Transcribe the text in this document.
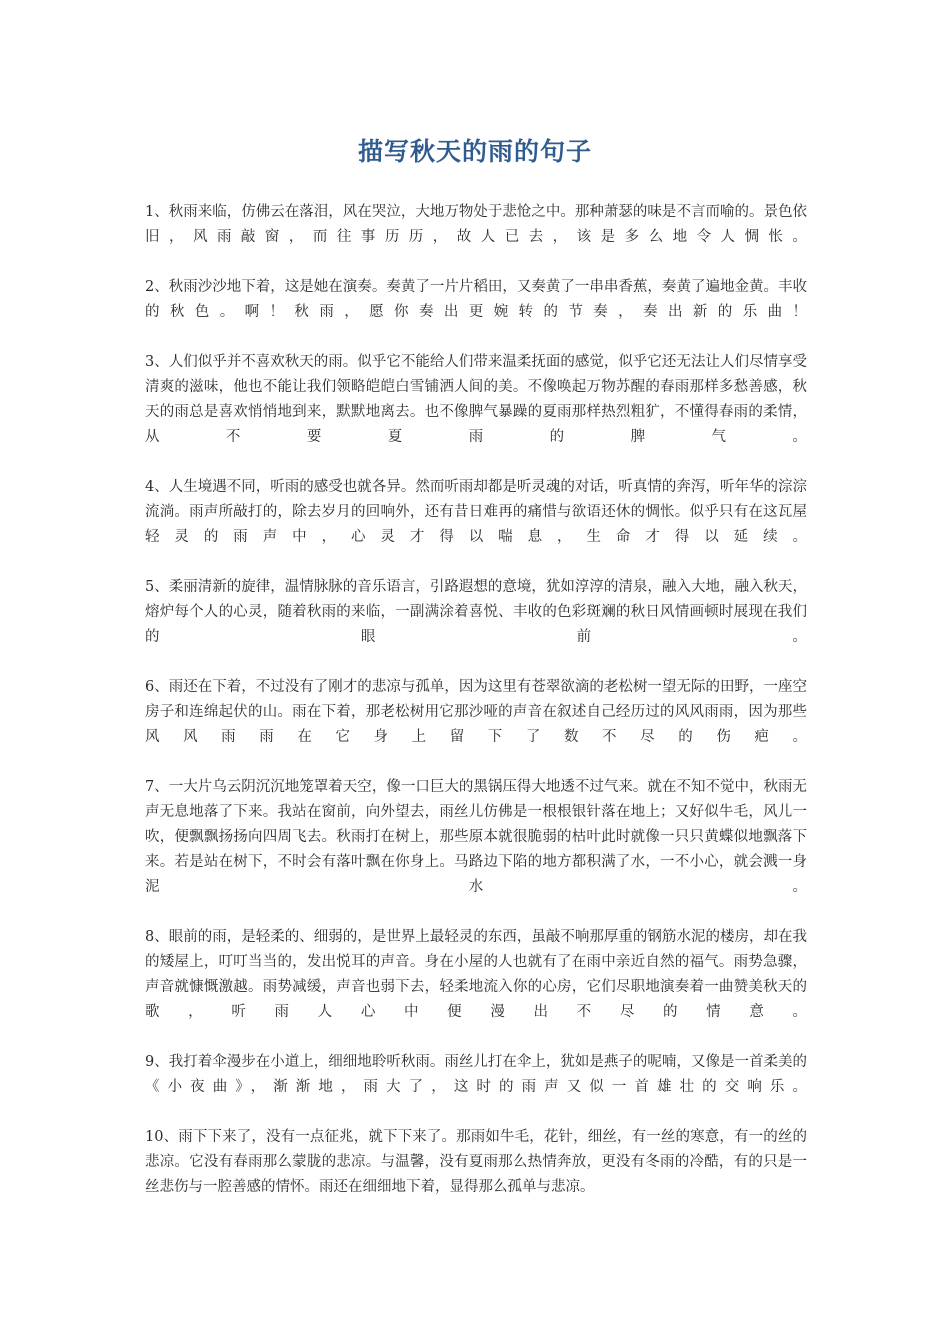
描写秋天的雨的句子

1、秋雨来临，仿佛云在落泪，风在哭泣，大地万物处于悲怆之中。那种萧瑟的味是不言而喻的。景色依旧，风雨敲窗，而往事历历，故人已去，该是多么地令人惆怅。

2、秋雨沙沙地下着，这是她在演奏。奏黄了一片片稻田，又奏黄了一串串香蕉，奏黄了遍地金黄。丰收的秋色。啊！秋雨，愿你奏出更婉转的节奏，奏出新的乐曲！

3、人们似乎并不喜欢秋天的雨。似乎它不能给人们带来温柔抚面的感觉，似乎它还无法让人们尽情享受清爽的滋味，他也不能让我们领略皑皑白雪铺洒人间的美。不像唤起万物苏醒的春雨那样多愁善感，秋天的雨总是喜欢悄悄地到来，默默地离去。也不像脾气暴躁的夏雨那样热烈粗犷，不懂得春雨的柔情，从不要夏雨的脾气。

4、人生境遇不同，听雨的感受也就各异。然而听雨却都是听灵魂的对话，听真情的奔泻，听年华的淙淙流淌。雨声所敲打的，除去岁月的回响外，还有昔日难再的痛惜与欲语还休的惆怅。似乎只有在这瓦屋轻灵的雨声中，心灵才得以喘息，生命才得以延续。

5、柔丽清新的旋律，温情脉脉的音乐语言，引路遐想的意境，犹如淳淳的清泉，融入大地，融入秋天，熔炉每个人的心灵，随着秋雨的来临，一副满涂着喜悦、丰收的色彩斑斓的秋日风情画顿时展现在我们的眼前。

6、雨还在下着，不过没有了刚才的悲凉与孤单，因为这里有苍翠欲滴的老松树一望无际的田野，一座空房子和连绵起伏的山。雨在下着，那老松树用它那沙哑的声音在叙述自己经历过的风风雨雨，因为那些风风雨雨在它身上留下了数不尽的伤疤。

7、一大片乌云阴沉沉地笼罩着天空，像一口巨大的黑锅压得大地透不过气来。就在不知不觉中，秋雨无声无息地落了下来。我站在窗前，向外望去，雨丝儿仿佛是一根根银针落在地上；又好似牛毛，风儿一吹，便飘飘扬扬向四周飞去。秋雨打在树上，那些原本就很脆弱的枯叶此时就像一只只黄蝶似地飘落下来。若是站在树下，不时会有落叶飘在你身上。马路边下陷的地方都积满了水，一不小心，就会溅一身泥水。

8、眼前的雨，是轻柔的、细弱的，是世界上最轻灵的东西，虽敲不响那厚重的钢筋水泥的楼房，却在我的矮屋上，叮叮当当的，发出悦耳的声音。身在小屋的人也就有了在雨中亲近自然的福气。雨势急骤，声音就慷慨激越。雨势减缓，声音也弱下去，轻柔地流入你的心房，它们尽职地演奏着一曲赞美秋天的歌，听雨人心中便漫出不尽的情意。

9、我打着伞漫步在小道上，细细地聆听秋雨。雨丝儿打在伞上，犹如是燕子的呢喃，又像是一首柔美的《小夜曲》，渐渐地，雨大了，这时的雨声又似一首雄壮的交响乐。

10、雨下下来了，没有一点征兆，就下下来了。那雨如牛毛，花针，细丝，有一丝的寒意，有一的丝的悲凉。它没有春雨那么蒙胧的悲凉。与温馨，没有夏雨那么热情奔放，更没有冬雨的冷酷，有的只是一丝悲伤与一腔善感的情怀。雨还在细细地下着，显得那么孤单与悲凉。
